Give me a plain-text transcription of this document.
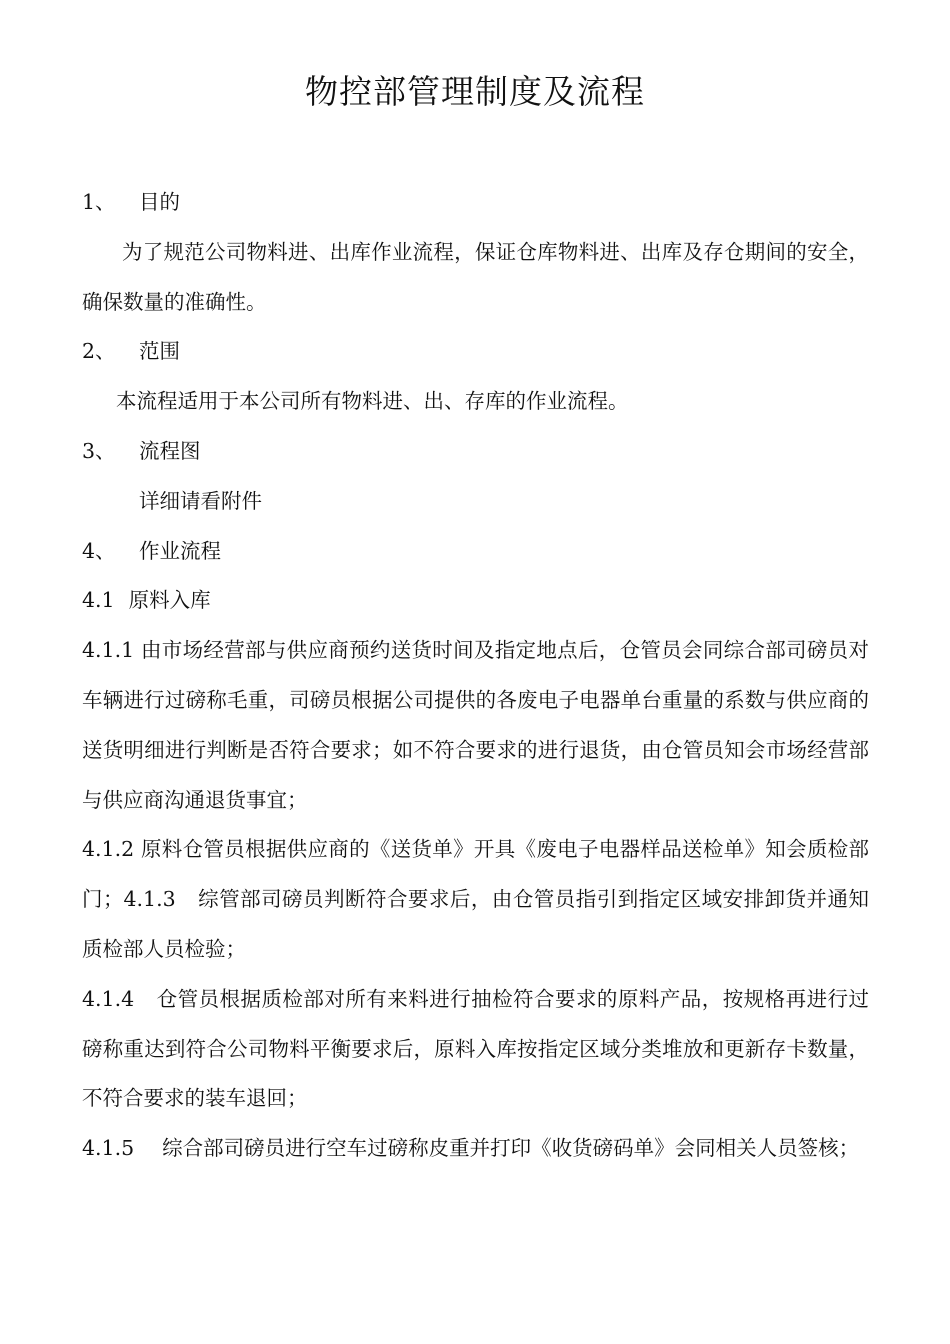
物控部管理制度及流程
1、	目的

为了规范公司物料进、出库作业流程，保证仓库物料进、出库及存仓期间的安全，确保数量的准确性。

2、	范围

本流程适用于本公司所有物料进、出、存库的作业流程。

3、	流程图

详细请看附件

4、	作业流程
4.1 原料入库

4.1.1 由市场经营部与供应商预约送货时间及指定地点后，仓管员会同综合部司磅员对车辆进行过磅称毛重，司磅员根据公司提供的各废电子电器单台重量的系数与供应商的送货明细进行判断是否符合要求；如不符合要求的进行退货，由仓管员知会市场经营部与供应商沟通退货事宜；

4.1.2 原料仓管员根据供应商的《送货单》开具《废电子电器样品送检单》知会质检部门；4.1.3 综管部司磅员判断符合要求后，由仓管员指引到指定区域安排卸货并通知质检部人员检验；

4.1.4 仓管员根据质检部对所有来料进行抽检符合要求的原料产品，按规格再进行过磅称重达到符合公司物料平衡要求后，原料入库按指定区域分类堆放和更新存卡数量，不符合要求的装车退回；

4.1.5 综合部司磅员进行空车过磅称皮重并打印《收货磅码单》会同相关人员签核；
